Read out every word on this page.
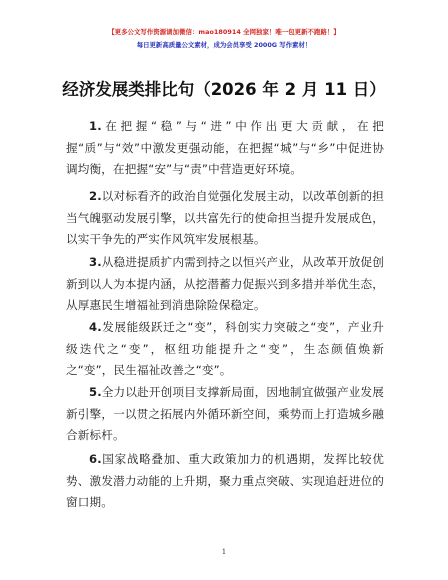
【更多公文写作资源请加微信：mao180914 全网独家！唯一包更新不跑路！】
每日更新高质量公文素材，成为会员享受 2000G 写作素材！
经济发展类排比句（2026 年 2 月 11 日）

1.在把握“稳”与“进”中作出更大贡献，在把握“质”与“效”中激发更强动能，在把握“城”与“乡”中促进协调均衡，在把握“安”与“责”中营造更好环境。

2.以对标看齐的政治自觉强化发展主动，以改革创新的担当气魄驱动发展引擎，以共富先行的使命担当提升发展成色，以实干争先的严实作风筑牢发展根基。

3.从稳进提质扩内需到持之以恒兴产业，从改革开放促创新到以人为本提内涵，从挖潜蓄力促振兴到多措并举优生态，从厚惠民生增福祉到消患除险保稳定。

4.发展能级跃迁之“变”，科创实力突破之“变”，产业升级迭代之“变”，枢纽功能提升之“变”，生态颜值焕新之“变”，民生福祉改善之“变”。

5.全力以赴开创项目支撑新局面，因地制宜做强产业发展新引擎，一以贯之拓展内外循环新空间，乘势而上打造城乡融合新标杆。

6.国家战略叠加、重大政策加力的机遇期，发挥比较优势、激发潜力动能的上升期，聚力重点突破、实现追赶进位的窗口期。

1
